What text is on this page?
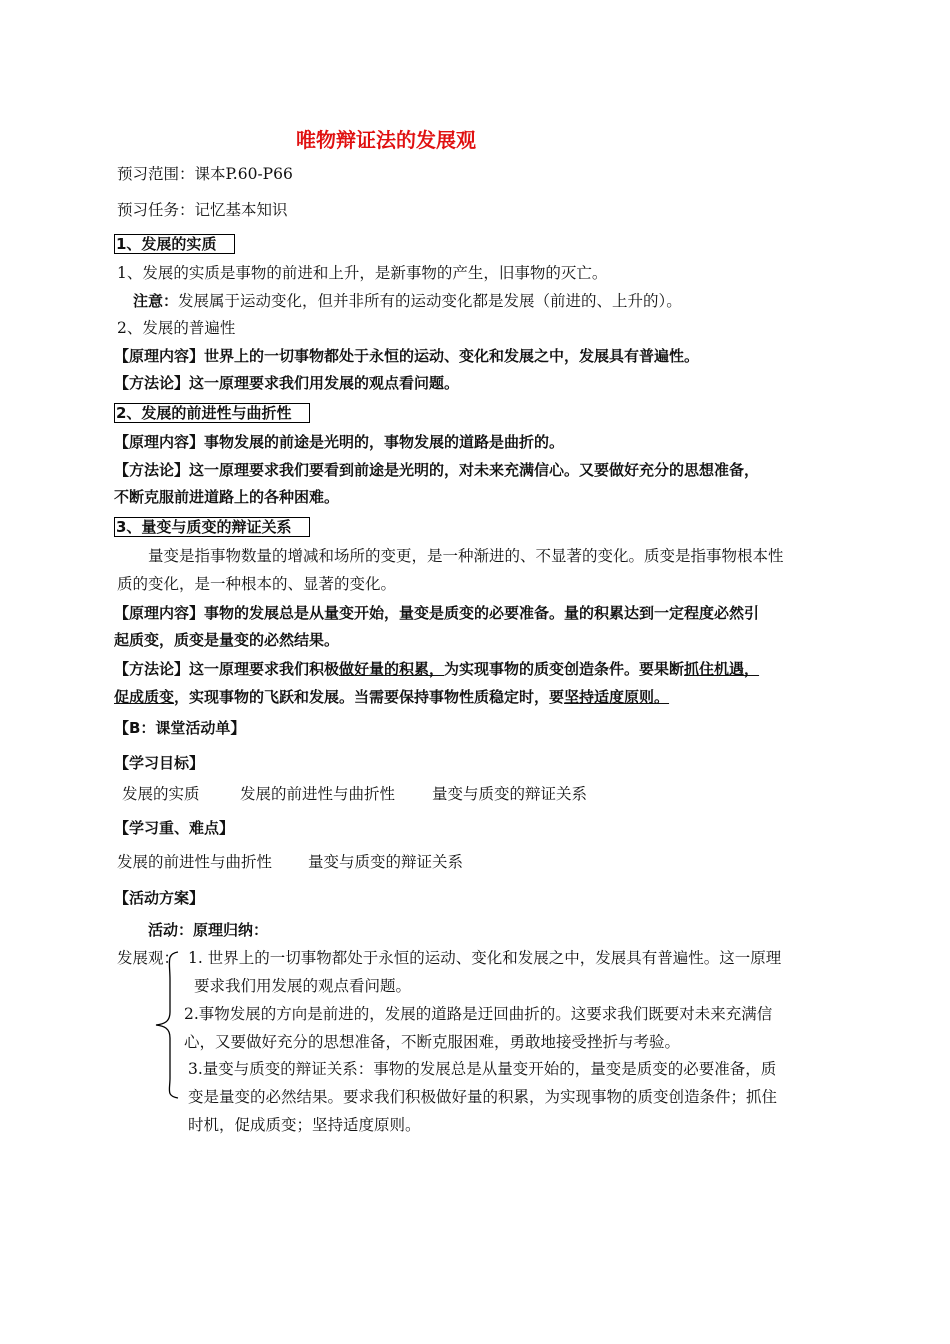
唯物辩证法的发展观
预习范围：课本P.60-P66
预习任务：记忆基本知识
1、发展的实质
1、发展的实质是事物的前进和上升，是新事物的产生，旧事物的灭亡。
注意：发展属于运动变化，但并非所有的运动变化都是发展（前进的、上升的）。
2、发展的普遍性
【原理内容】世界上的一切事物都处于永恒的运动、变化和发展之中，发展具有普遍性。
【方法论】这一原理要求我们用发展的观点看问题。
2、发展的前进性与曲折性
【原理内容】事物发展的前途是光明的，事物发展的道路是曲折的。
【方法论】这一原理要求我们要看到前途是光明的，对未来充满信心。又要做好充分的思想准备，
不断克服前进道路上的各种困难。
3、量变与质变的辩证关系
量变是指事物数量的增减和场所的变更，是一种渐进的、不显著的变化。质变是指事物根本性
质的变化，是一种根本的、显著的变化。
【原理内容】事物的发展总是从量变开始，量变是质变的必要准备。量的积累达到一定程度必然引
起质变，质变是量变的必然结果。
【方法论】这一原理要求我们积极做好量的积累，为实现事物的质变创造条件。要果断抓住机遇，
促成质变，实现事物的飞跃和发展。当需要保持事物性质稳定时，要坚持适度原则。
【B：课堂活动单】
【学习目标】
发展的实质	发展的前进性与曲折性 量变与质变的辩证关系
【学习重、难点】
发展的前进性与曲折性 量变与质变的辩证关系
【活动方案】
活动：原理归纳：
发展观： 1. 世界上的一切事物都处于永恒的运动、变化和发展之中，发展具有普遍性。这一原理
要求我们用发展的观点看问题。
2.事物发展的方向是前进的，发展的道路是迂回曲折的。这要求我们既要对未来充满信
心，又要做好充分的思想准备，不断克服困难，勇敢地接受挫折与考验。
3.量变与质变的辩证关系：事物的发展总是从量变开始的，量变是质变的必要准备，质
变是量变的必然结果。要求我们积极做好量的积累，为实现事物的质变创造条件；抓住
时机，促成质变；坚持适度原则。
